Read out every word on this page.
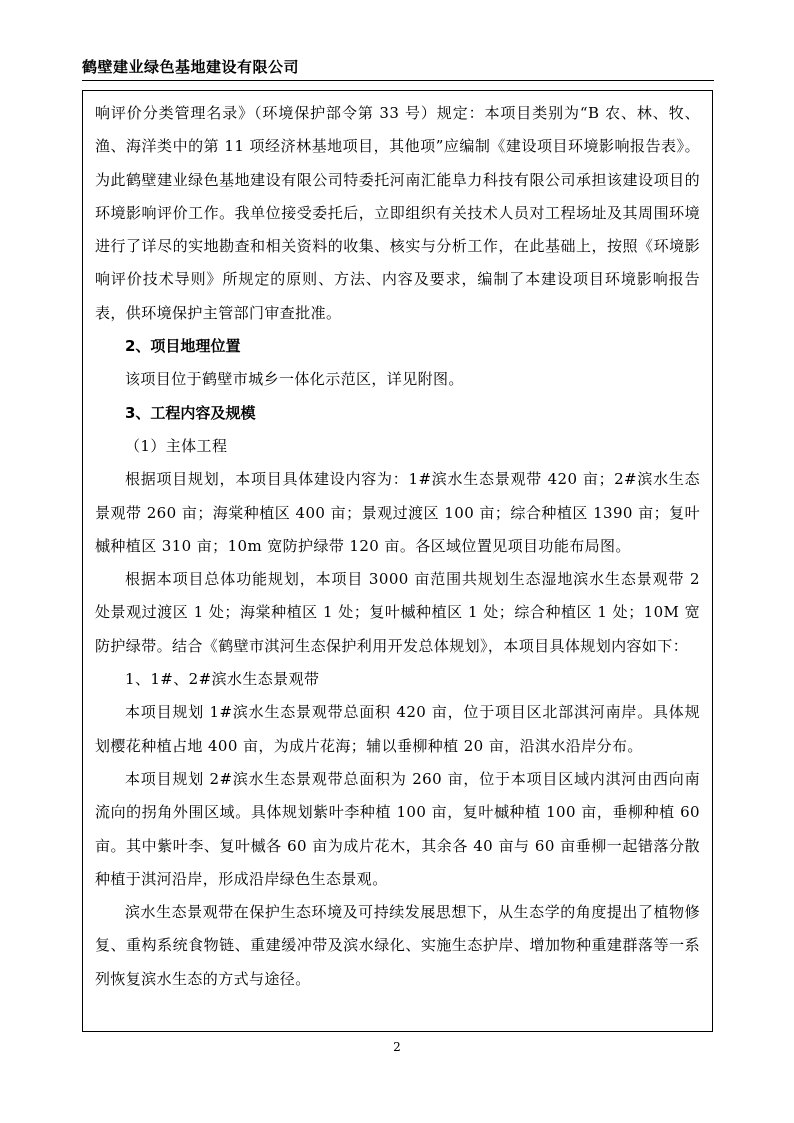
鹤壁建业绿色基地建设有限公司

响评价分类管理名录》（环境保护部令第 33 号）规定：本项目类别为“B 农、林、牧、渔、海洋类中的第 11 项经济林基地项目，其他项”应编制《建设项目环境影响报告表》。为此鹤壁建业绿色基地建设有限公司特委托河南汇能阜力科技有限公司承担该建设项目的环境影响评价工作。我单位接受委托后，立即组织有关技术人员对工程场址及其周围环境进行了详尽的实地勘查和相关资料的收集、核实与分析工作，在此基础上，按照《环境影响评价技术导则》所规定的原则、方法、内容及要求，编制了本建设项目环境影响报告表，供环境保护主管部门审查批准。

2、项目地理位置

该项目位于鹤壁市城乡一体化示范区，详见附图。

3、工程内容及规模

（1）主体工程

根据项目规划，本项目具体建设内容为：1#滨水生态景观带 420 亩；2#滨水生态景观带 260 亩；海棠种植区 400 亩；景观过渡区 100 亩；综合种植区 1390 亩；复叶槭种植区 310 亩；10m 宽防护绿带 120 亩。各区域位置见项目功能布局图。

根据本项目总体功能规划，本项目 3000 亩范围共规划生态湿地滨水生态景观带 2 处景观过渡区 1 处；海棠种植区 1 处；复叶槭种植区 1 处；综合种植区 1 处；10M 宽防护绿带。结合《鹤壁市淇河生态保护利用开发总体规划》，本项目具体规划内容如下：

1、1#、2#滨水生态景观带

本项目规划 1#滨水生态景观带总面积 420 亩，位于项目区北部淇河南岸。具体规划樱花种植占地 400 亩，为成片花海；辅以垂柳种植 20 亩，沿淇水沿岸分布。

本项目规划 2#滨水生态景观带总面积为 260 亩，位于本项目区域内淇河由西向南流向的拐角外围区域。具体规划紫叶李种植 100 亩，复叶槭种植 100 亩，垂柳种植 60 亩。其中紫叶李、复叶槭各 60 亩为成片花木，其余各 40 亩与 60 亩垂柳一起错落分散种植于淇河沿岸，形成沿岸绿色生态景观。

滨水生态景观带在保护生态环境及可持续发展思想下，从生态学的角度提出了植物修复、重构系统食物链、重建缓冲带及滨水绿化、实施生态护岸、增加物种重建群落等一系列恢复滨水生态的方式与途径。

2
